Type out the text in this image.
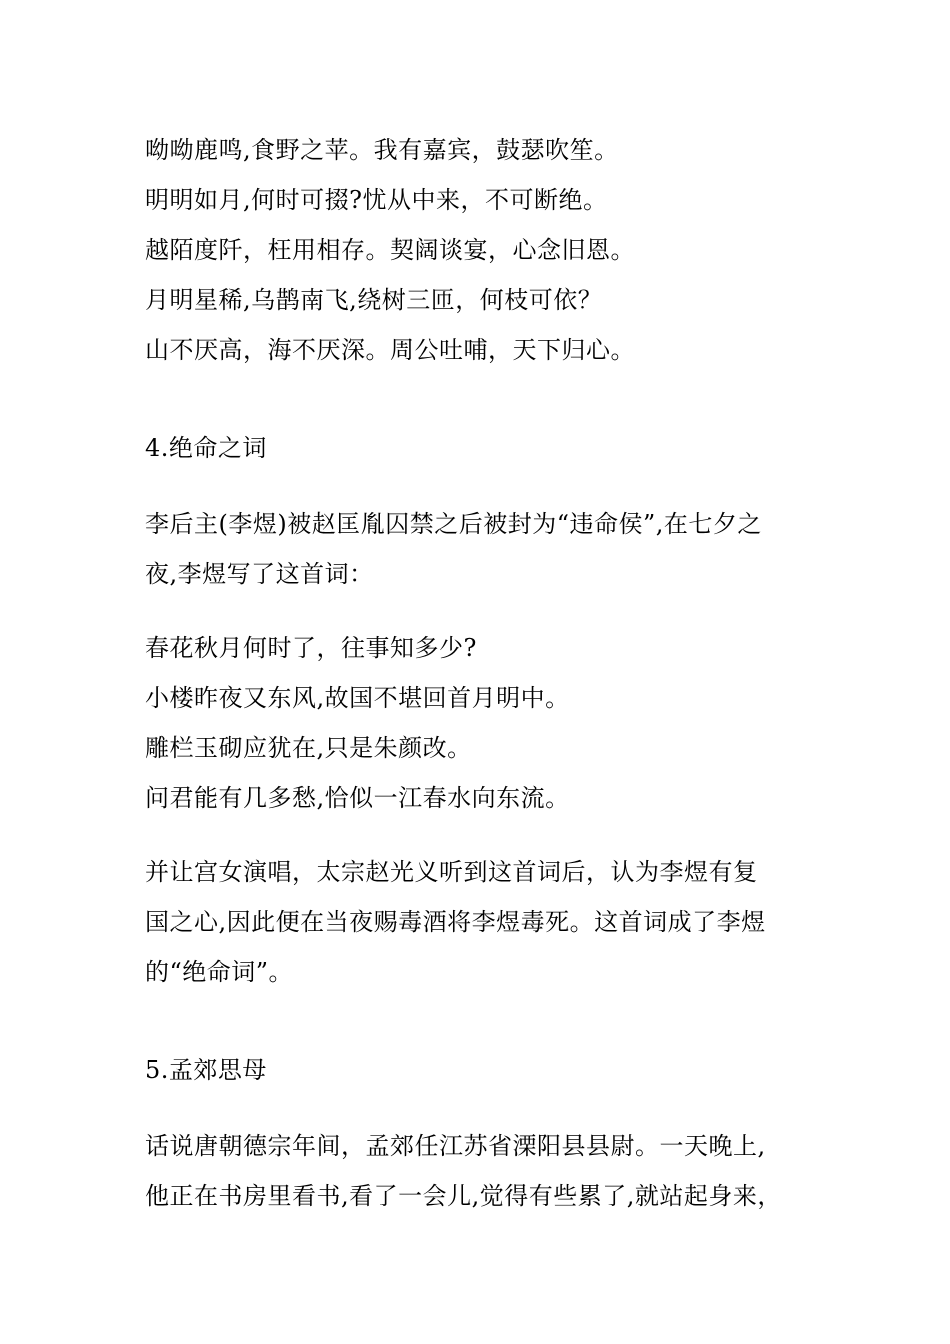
呦呦鹿鸣,食野之苹。我有嘉宾，鼓瑟吹笙。
明明如月,何时可掇?忧从中来，不可断绝。
越陌度阡，枉用相存。契阔谈宴，心念旧恩。
月明星稀,乌鹊南飞,绕树三匝，何枝可依？
山不厌高，海不厌深。周公吐哺，天下归心。
4.绝命之词
李后主(李煜)被赵匡胤囚禁之后被封为“违命侯”,在七夕之
夜,李煜写了这首词：
春花秋月何时了，往事知多少?
小楼昨夜又东风,故国不堪回首月明中。
雕栏玉砌应犹在,只是朱颜改。
问君能有几多愁,恰似一江春水向东流。
并让宫女演唱，太宗赵光义听到这首词后，认为李煜有复
国之心,因此便在当夜赐毒酒将李煜毒死。这首词成了李煜
的“绝命词”。
5.孟郊思母
话说唐朝德宗年间，孟郊任江苏省溧阳县县尉。一天晚上,
他正在书房里看书,看了一会儿,觉得有些累了,就站起身来，
